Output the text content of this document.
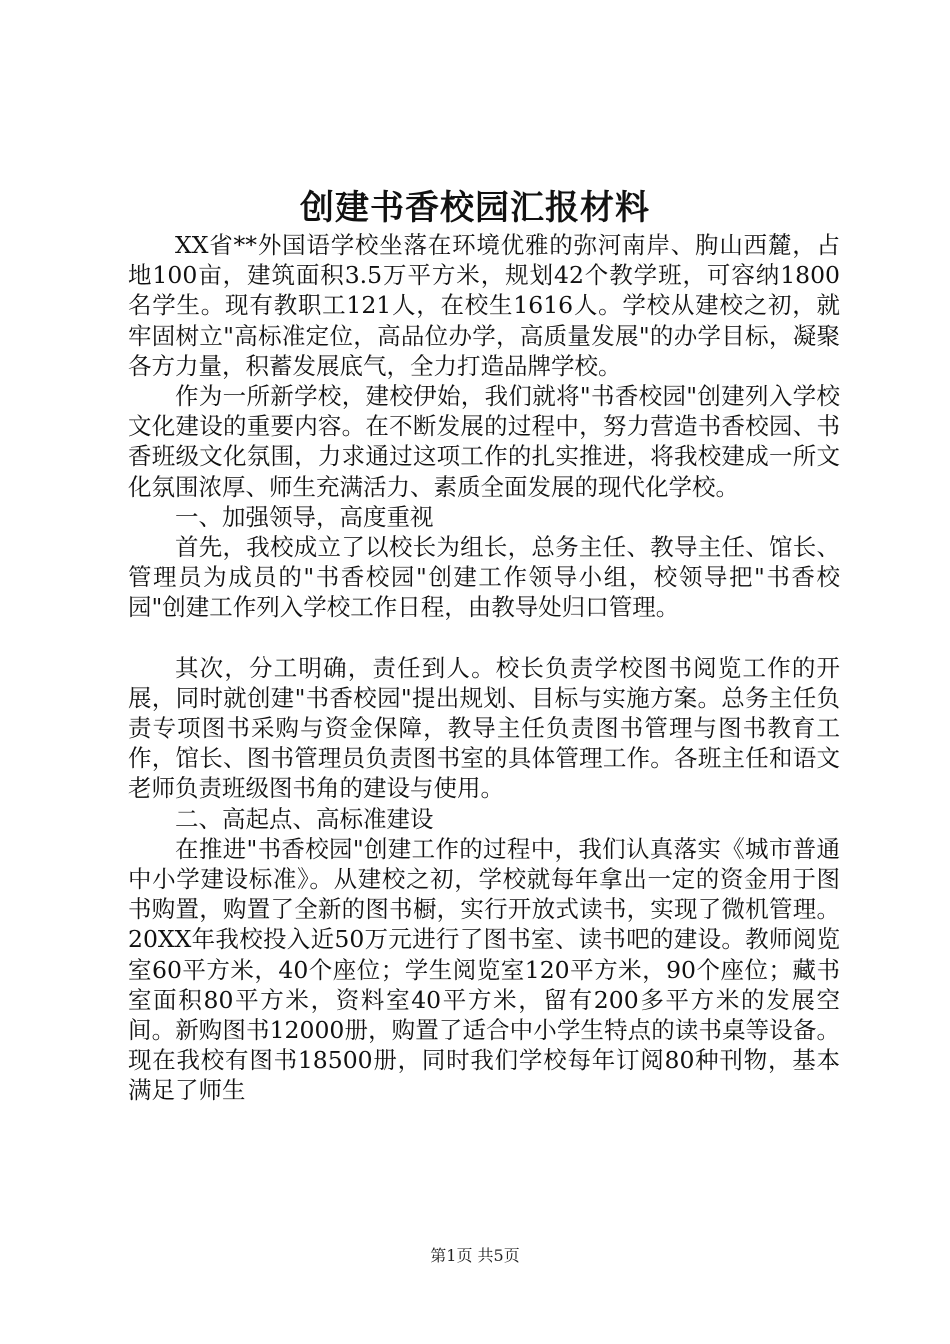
创建书香校园汇报材料

XX省**外国语学校坐落在环境优雅的弥河南岸、朐山西麓，占地100亩，建筑面积3.5万平方米，规划42个教学班，可容纳1800名学生。现有教职工121人，在校生1616人。学校从建校之初，就牢固树立"高标准定位，高品位办学，高质量发展"的办学目标，凝聚各方力量，积蓄发展底气，全力打造品牌学校。

作为一所新学校，建校伊始，我们就将"书香校园"创建列入学校文化建设的重要内容。在不断发展的过程中，努力营造书香校园、书香班级文化氛围，力求通过这项工作的扎实推进，将我校建成一所文化氛围浓厚、师生充满活力、素质全面发展的现代化学校。

一、加强领导，高度重视

首先，我校成立了以校长为组长，总务主任、教导主任、馆长、管理员为成员的"书香校园"创建工作领导小组，校领导把"书香校园"创建工作列入学校工作日程，由教导处归口管理。

其次，分工明确，责任到人。校长负责学校图书阅览工作的开展，同时就创建"书香校园"提出规划、目标与实施方案。总务主任负责专项图书采购与资金保障，教导主任负责图书管理与图书教育工作，馆长、图书管理员负责图书室的具体管理工作。各班主任和语文老师负责班级图书角的建设与使用。

二、高起点、高标准建设

在推进"书香校园"创建工作的过程中，我们认真落实《城市普通中小学建设标准》。从建校之初，学校就每年拿出一定的资金用于图书购置，购置了全新的图书橱，实行开放式读书，实现了微机管理。20XX年我校投入近50万元进行了图书室、读书吧的建设。教师阅览室60平方米，40个座位；学生阅览室120平方米，90个座位；藏书室面积80平方米，资料室40平方米，留有200多平方米的发展空间。新购图书12000册，购置了适合中小学生特点的读书桌等设备。现在我校有图书18500册，同时我们学校每年订阅80种刊物，基本满足了师生

第1页 共5页
